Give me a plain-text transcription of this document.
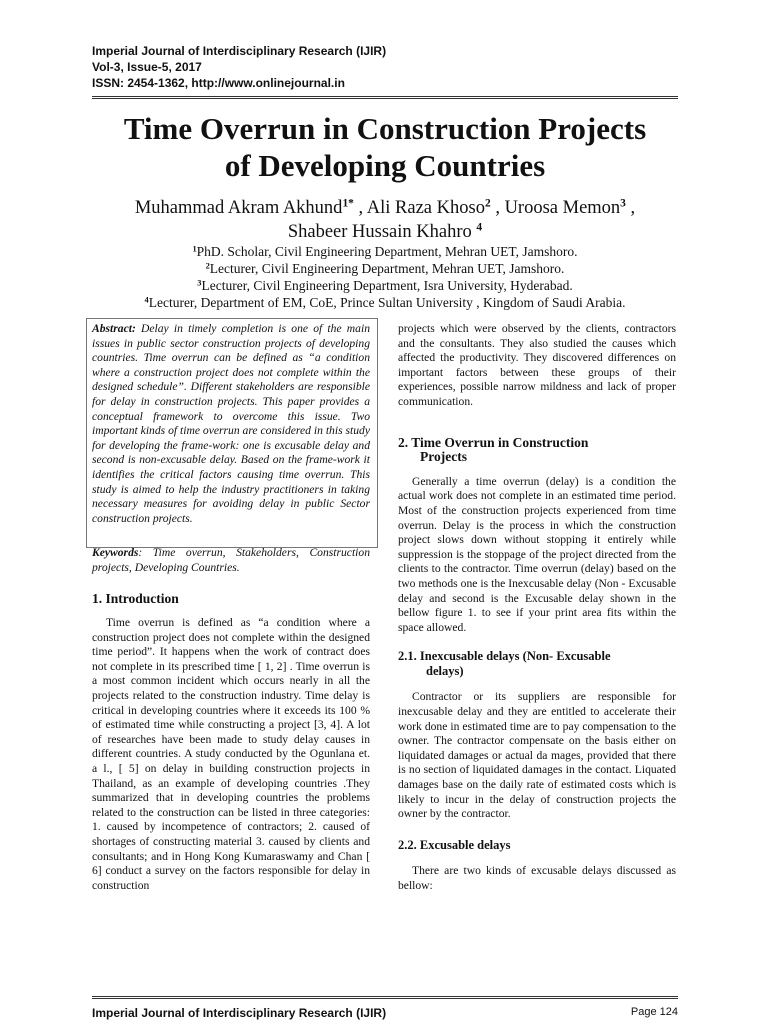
Imperial Journal of Interdisciplinary Research (IJIR)
Vol-3, Issue-5, 2017
ISSN: 2454-1362, http://www.onlinejournal.in
Time Overrun in Construction Projects
of Developing Countries
Muhammad Akram Akhund$^{1*}$ , Ali Raza Khoso$^2$ , Uroosa Memon$^3$ ,
Shabeer Hussain Khahro $^4$
$^1$PhD. Scholar, Civil Engineering Department, Mehran UET, Jamshoro.
$^2$Lecturer, Civil Engineering Department, Mehran UET, Jamshoro.
$^3$Lecturer, Civil Engineering Department, Isra University, Hyderabad.
$^4$Lecturer, Department of EM, CoE, Prince Sultan University , Kingdom of Saudi Arabia.

Abstract: Delay in timely completion is one of the main issues in public sector construction projects of developing countries. Time overrun can be defined as “a condition where a construction project does not complete within the designed schedule”. Different stakeholders are responsible for delay in construction projects. This paper provides a conceptual framework to overcome this issue. Two important kinds of time overrun are considered in this study for developing the frame-work: one is excusable delay and second is non-excusable delay. Based on the frame-work it identifies the critical factors causing time overrun. This study is aimed to help the industry practitioners in taking necessary measures for avoiding delay in public Sector construction projects.

Keywords: Time overrun, Stakeholders, Construction projects, Developing Countries.

1. Introduction

Time overrun is defined as “a condition where a construction project does not complete within the designed time period”. It happens when the work of contract does not complete in its prescribed time [ 1, 2] . Time overrun is a most common incident which occurs nearly in all the projects related to the construction industry. Time delay is critical in developing countries where it exceeds its 100 % of estimated time while constructing a project [3, 4]. A lot of researches have been made to study delay causes in different countries. A study conducted by the Ogunlana et. a l., [ 5] on delay in building construction projects in Thailand, as an example of developing countries .They summarized that in developing countries the problems related to the construction can be listed in three categories: 1. caused by incompetence of contractors; 2. caused of shortages of constructing material 3. caused by clients and consultants; and in Hong Kong Kumaraswamy and Chan [ 6] conduct a survey on the factors responsible for delay in construction

projects which were observed by the clients, contractors and the consultants. They also studied the causes which affected the productivity. They discovered differences on important factors between these groups of their experiences, possible narrow mildness and lack of proper communication.

2. Time Overrun in Construction
Projects

Generally a time overrun (delay) is a condition the actual work does not complete in an estimated time period. Most of the construction projects experienced from time overrun. Delay is the process in which the construction project slows down without stopping it entirely while suppression is the stoppage of the project directed from the clients to the contractor. Time overrun (delay) based on the two methods one is the Inexcusable delay (Non - Excusable delay and second is the Excusable delay shown in the bellow figure 1. to see if your print area fits within the space allowed.

2.1. Inexcusable delays (Non- Excusable
delays)

Contractor or its suppliers are responsible for inexcusable delay and they are entitled to accelerate their work done in estimated time are to pay compensation to the owner. The contractor compensate on the basis either on liquidated damages or actual da mages, provided that there is no section of liquidated damages in the contact. Liquated damages base on the daily rate of estimated costs which is likely to incur in the delay of construction projects the owner by the contractor.

2.2. Excusable delays

There are two kinds of excusable delays discussed as bellow:

Imperial Journal of Interdisciplinary Research (IJIR)	Page 124
